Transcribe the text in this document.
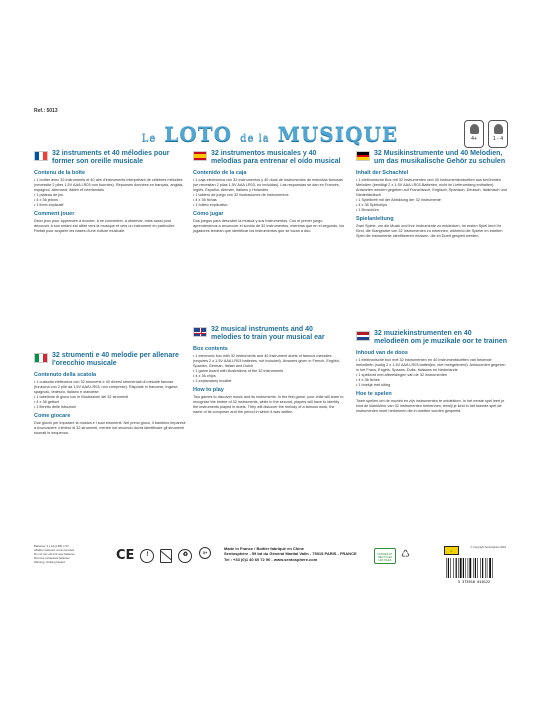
Ref.: 5013
Le LOTO de la MUSIQUE	4+	1 - 4
32 instruments et 40 mélodies pour former son oreille musicale
Contenu de la boîte
• 1 boîtier avec 32 instruments et 40 airs d'instruments interprétant de célèbres mélodies (nécessite 2 piles 1,5V AAA LR03 non fournies). Réponses données en français, anglais, espagnol, allemand, italien et néerlandais
• 1 plateau de jeu
• 4 x 36 jetons
• 1 livret explicatif
Comment jouer
Deux jeux pour apprendre à écouter, à se concentrer, à observer, mais aussi pour découvrir à son enfant est attiré vers la musique et vers un instrument en particulier. Parfait pour acquérir les bases d'une culture musicale.
32 strumenti e 40 melodie per allenare l'orecchio musicale
Contenuto della scatola
• 1 custodia elettronica con 32 strumenti e 40 diversi strumentali di melodie famose (funziona con 2 pile da 1,5V AAA LR03, non comprese). Risposte in francese, inglese, spagnolo, tedesco, italiano e olandese
• 1 tabellone di gioco con le illustrazioni dei 32 strumenti
• 4 x 36 gettoni
• 1 libretto delle istruzioni
Come giocare
Due giochi per imparare la musica e i suoi strumenti. Nel primo gioco, il bambino imparerà a riconoscere il timbro di 32 strumenti, mentre nel secondo dovrà identificare gli strumenti suonati in sequenza.
32 instrumentos musicales y 40 melodías para entrenar el oído musical
Contenido de la caja
• 1 caja electrónica con 32 instrumentos y 40 dúos de instrumentos de melodías famosas (se necesitan 2 pilas 1,5V AAA LR03, no incluidas). Las respuestas se dan en Francés, Inglés, Español, Alemán, Italiano y Holandés
• 1 tablero de juego con 32 ilustraciones de instrumentos
• 4 x 36 fichas
• 1 folleto explicativo
Cómo jugar
Dos juegos para descubrir la música y sus instrumentos. Con el primer juego, aprenderemos a reconocer el sonido de 32 instrumentos, mientras que en el segundo, los jugadores tendrán que identificar los instrumentos que se tocan a dúo.
32 musical instruments and 40 melodies to train your musical ear
Box contents
• 1 electronic box with 32 instruments and 40 instrument duets of famous melodies (requires 2 x 1.5V AAA LR03 batteries, not included). Answers given in French, English, Spanish, German, Italian and Dutch
• 1 game board with illustrations of the 32 instruments
• 4 x 36 chips
• 1 explanatory booklet
How to play
Two games to discover music and its instruments. In the first game, your child will learn to recognize the timbre of 32 instruments, while in the second, players will have to identify the instruments played in duets. They will discover the melody of a famous work, the name of its composer and the period in which it was written.
32 Musikinstrumente und 40 Melodien, um das musikalische Gehör zu schulen
Inhalt der Schachtel
• 1 elektronische Box mit 32 Instrumenten und 40 Instrumentenduetten aus berühmten Melodien (benötigt 2 x 1,5V AAA LR03-Batterien, nicht im Lieferumfang enthalten). Antworten werden gegeben auf Französisch, Englisch, Spanisch, Deutsch, Italienisch und Niederländisch
• 1 Spielbrett mit der Abbildung der 32 Instrumente
• 4 x 36 Spielchips
• 1 Broschüre
Spielanleitung
Zwei Spiele, um die Musik und ihre Instrumente zu entdecken. Im ersten Spiel lernt Ihr Kind, die Klangfarbe von 32 Instrumenten zu erkennen, während die Spieler im zweiten Spiel die Instrumente identifizieren müssen, die im Duett gespielt werden.
32 muziekinstrumenten en 40 melodieën om je muzikale oor te trainen
Inhoud van de doos
• 1 elektronische box met 32 instrumenten en 40 instrumentduetten van bekende melodieën (nodig 2 x 1,5V AAA LR03 batterijen, niet meegeleverd). Antwoorden gegeven in het Frans, Engels, Spaans, Duits, Italiaans en Nederlands
• 1 spelbord met afbeeldingen van de 32 instrumenten
• 4 x 36 fiches
• 1 boekje met uitleg
Hoe te spelen
Twee spellen om de muziek en zijn instrumenten te ontdekken. In het eerste spel leert je kind de klankkleur van 32 instrumenten herkennen, terwijl je kind in het tweede spel de instrumenten moet herkennen die in duetten worden gespeeld.
Batteries: 2 x AA (LR6) 1.5V
Alkaline batteries recommended
Do not mix old and new batteries
Remove exhausted batteries
Warning: choking hazard	CE	!	♻	3+
Made in France / Boîtier fabriqué en Chine
Sentosphère - 59 bd du Général Martial Valin - 75015 PARIS - FRANCE
Tel : +33 (0)1 40 60 72 90 - www.sentosphere.com
DONNEZ ET RECYCLEZ
LES PILES
♺	⚠
© Copyright Sentosphère 2019
3 373910 010122
